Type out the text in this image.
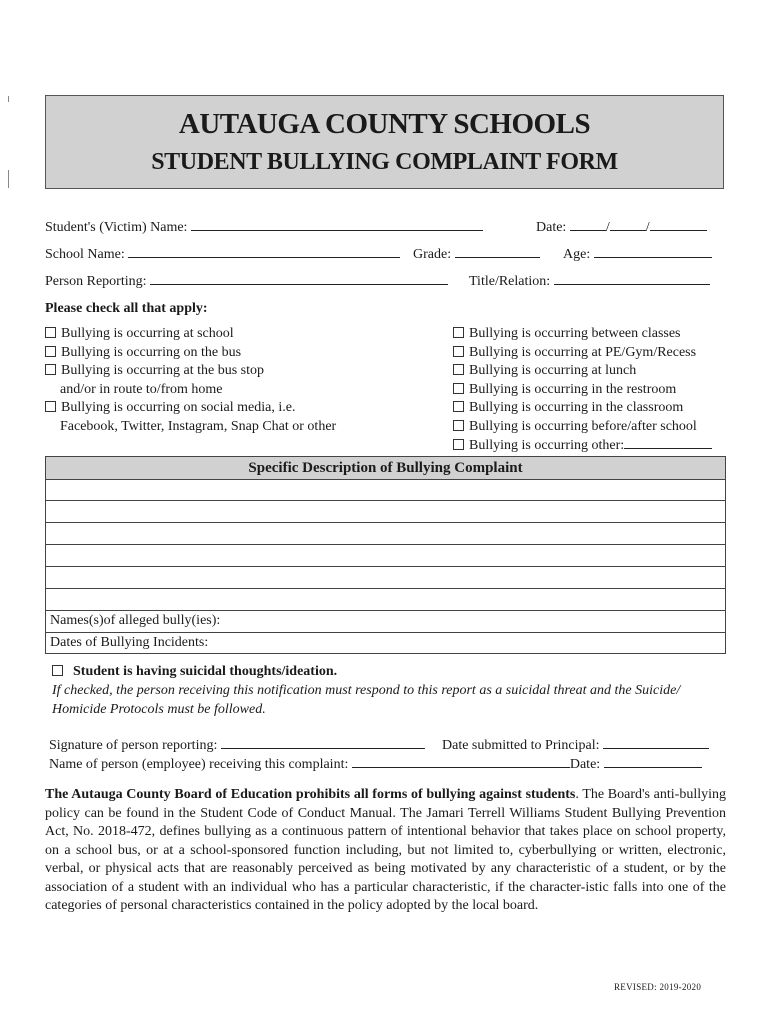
AUTAUGA COUNTY SCHOOLS
STUDENT BULLYING COMPLAINT FORM
Student's (Victim) Name:	Date:	/	/
School Name:	Grade:	Age:
Person Reporting:	Title/Relation:
Please check all that apply:
Bullying is occurring at school
Bullying is occurring on the bus
Bullying is occurring at the bus stop
and/or in route to/from home
Bullying is occurring on social media, i.e.
Facebook, Twitter, Instagram, Snap Chat or other
Bullying is occurring between classes
Bullying is occurring at PE/Gym/Recess
Bullying is occurring at lunch
Bullying is occurring in the restroom
Bullying is occurring in the classroom
Bullying is occurring before/after school
Bullying is occurring other:
Specific Description of Bullying Complaint
Names(s)of alleged bully(ies):
Dates of Bullying Incidents:
Student is having suicidal thoughts/ideation.
If checked, the person receiving this notification must respond to this report as a suicidal threat and the Suicide/
Homicide Protocols must be followed.
Signature of person reporting:	Date submitted to Principal:
Name of person (employee) receiving this complaint:	Date:
The Autauga County Board of Education prohibits all forms of bullying against students. The Board's anti-bullying policy can be found in the Student Code of Conduct Manual. The Jamari Terrell Williams Student Bullying Prevention Act, No. 2018-472, defines bullying as a continuous pattern of intentional behavior that takes place on school property, on a school bus, or at a school-sponsored function including, but not limited to, cyberbullying or written, electronic, verbal, or physical acts that are reasonably perceived as being motivated by any characteristic of a student, or by the association of a student with an individual who has a particular characteristic, if the character-istic falls into one of the categories of personal characteristics contained in the policy adopted by the local board.
REVISED: 2019-2020
